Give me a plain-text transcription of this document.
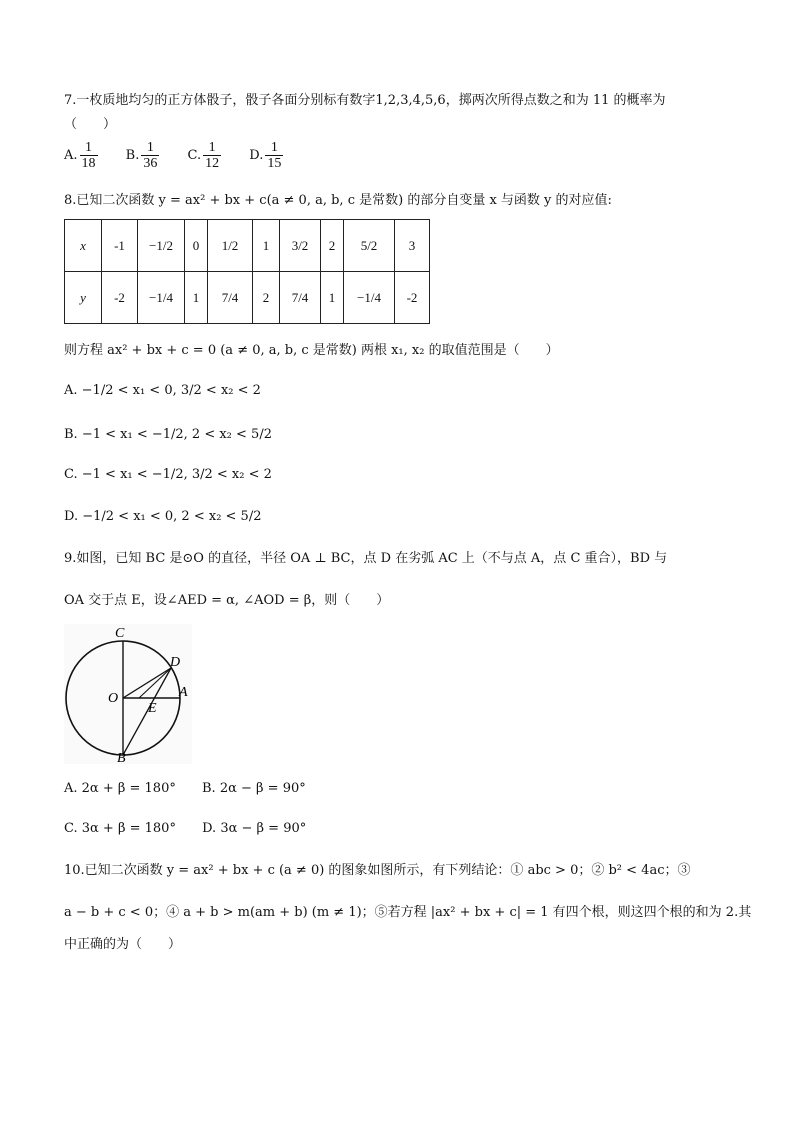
7.一枚质地均匀的正方体骰子，骰子各面分别标有数字1,2,3,4,5,6，掷两次所得点数之和为 11 的概率为
（　　）
A. $\frac{1}{18} B$. $\frac{1}{36} C$. $\frac{1}{12} D$. $\frac{1}{15}$
8.已知二次函数 y = ax² + bx + c(a ≠ 0, a, b, c 是常数) 的部分自变量 x 与函数 y 的对应值:
x	-1	−1/2	0	1/2	1	3/2	2	5/2	3
y	-2	−1/4	1	7/4	2	7/4	1	−1/4	-2
则方程 ax² + bx + c = 0 (a ≠ 0, a, b, c 是常数) 两根 x₁, x₂ 的取值范围是（　　）
A. −1/2 < x₁ < 0, 3/2 < x₂ < 2
B. −1 < x₁ < −1/2, 2 < x₂ < 5/2
C. −1 < x₁ < −1/2, 3/2 < x₂ < 2
D. −1/2 < x₁ < 0, 2 < x₂ < 5/2
9.如图，已知 BC 是⊙O 的直径，半径 OA ⊥ BC，点 D 在劣弧 AC 上（不与点 A，点 C 重合），BD 与
OA 交于点 E，设∠AED = α, ∠AOD = β，则（　　）
C
D
O	A
E
B
A. 2α + β = 180° B. 2α − β = 90°
C. 3α + β = 180° D. 3α − β = 90°
10.已知二次函数 y = ax² + bx + c (a ≠ 0) 的图象如图所示，有下列结论：① abc > 0；② b² < 4ac；③
a − b + c < 0；④ a + b > m(am + b) (m ≠ 1)；⑤若方程 |ax² + bx + c| = 1 有四个根，则这四个根的和为 2.其
中正确的为（　　）
